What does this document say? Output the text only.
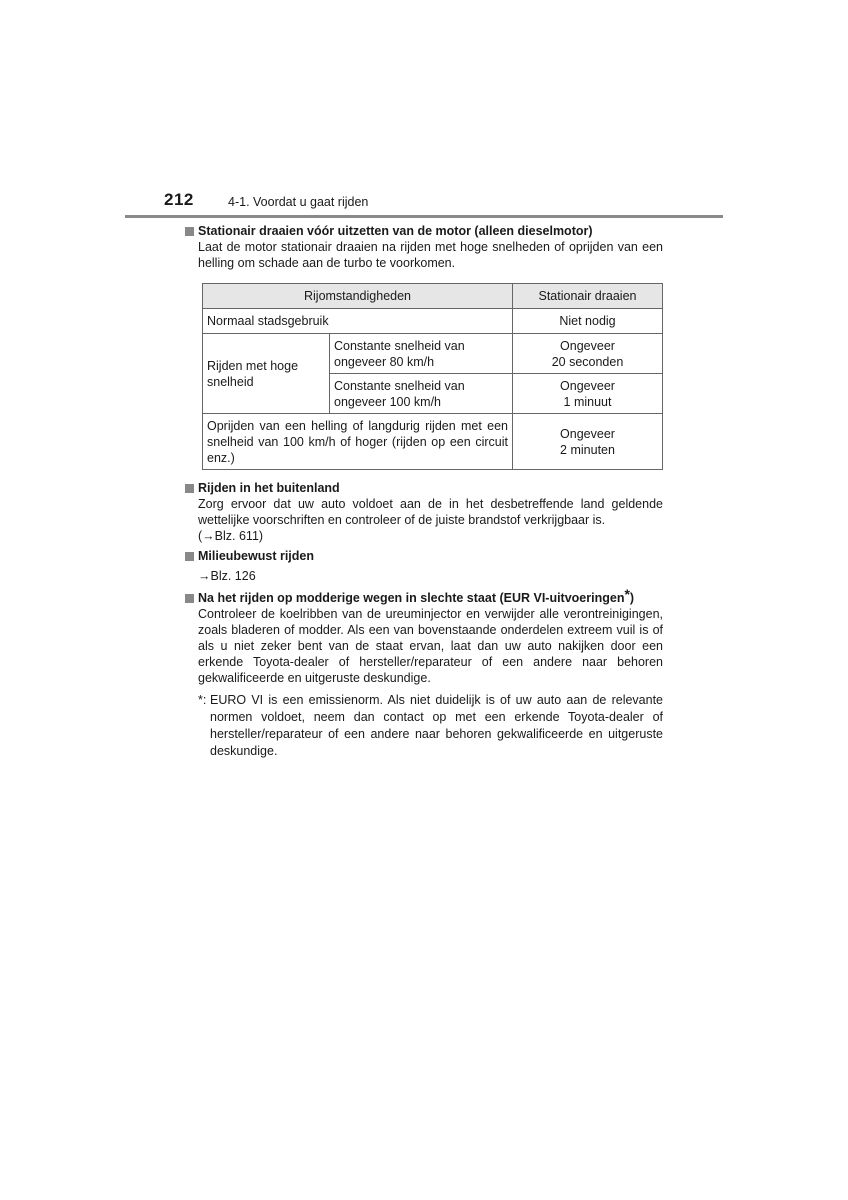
212	4-1. Voordat u gaat rijden
Stationair draaien vóór uitzetten van de motor (alleen dieselmotor)
Laat de motor stationair draaien na rijden met hoge snelheden of oprijden van een helling om schade aan de turbo te voorkomen.
Rijomstandigheden		Stationair draaien
Normaal stadsgebruik		Niet nodig
Rijden met hoge snelheid	Constante snelheid van ongeveer 80 km/h	Ongeveer
20 seconden

	Constante snelheid van ongeveer 100 km/h	Ongeveer
1 minuut

Oprijden van een helling of langdurig rijden met een snelheid van 100 km/h of hoger (rijden op een circuit enz.)		Ongeveer
2 minuten
Rijden in het buitenland
Zorg ervoor dat uw auto voldoet aan de in het desbetreffende land geldende wettelijke voorschriften en controleer of de juiste brandstof verkrijgbaar is.
(→Blz. 611)
Milieubewust rijden
→Blz. 126
Na het rijden op modderige wegen in slechte staat (EUR VI-uitvoeringen*)
Controleer de koelribben van de ureuminjector en verwijder alle verontreinigingen, zoals bladeren of modder. Als een van bovenstaande onderdelen extreem vuil is of als u niet zeker bent van de staat ervan, laat dan uw auto nakijken door een erkende Toyota-dealer of hersteller/reparateur of een andere naar behoren gekwalificeerde en uitgeruste deskundige.
*: EURO VI is een emissienorm. Als niet duidelijk is of uw auto aan de relevante normen voldoet, neem dan contact op met een erkende Toyota-dealer of hersteller/reparateur of een andere naar behoren gekwalificeerde en uitgeruste deskundige.
